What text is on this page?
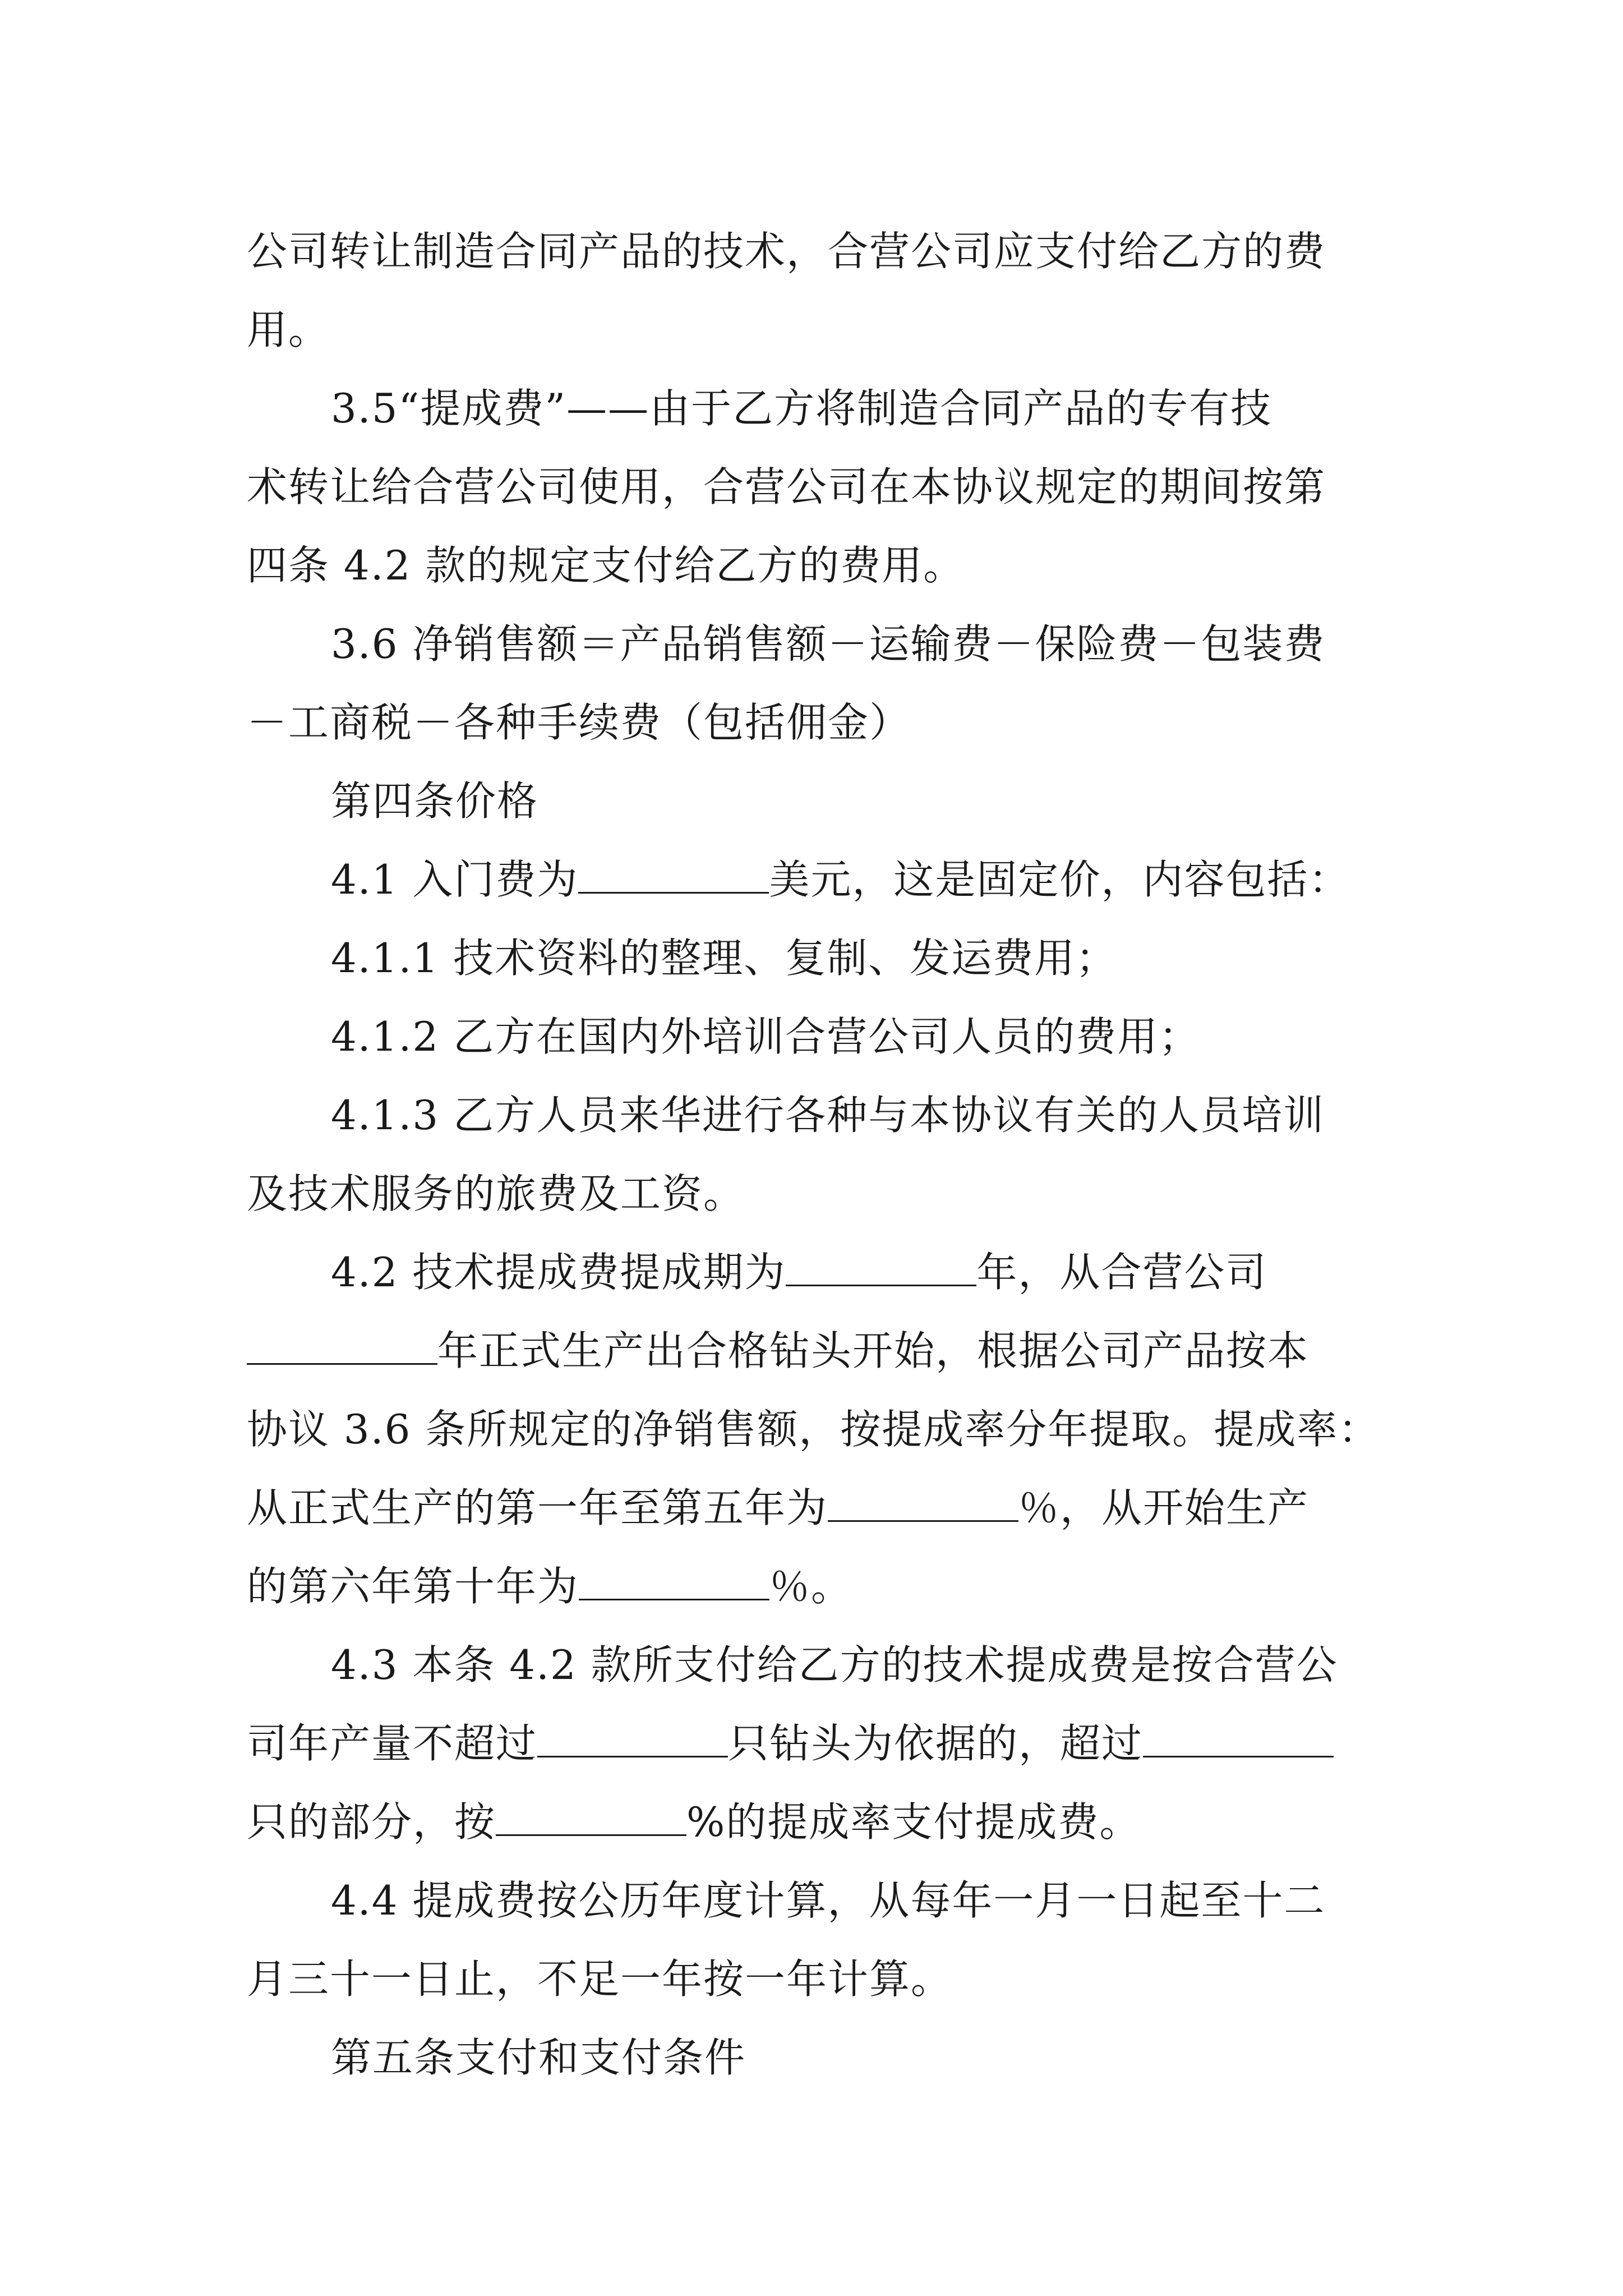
公司转让制造合同产品的技术，合营公司应支付给乙方的费
用。
3.5“提成费”——由于乙方将制造合同产品的专有技
术转让给合营公司使用，合营公司在本协议规定的期间按第
四条 4.2 款的规定支付给乙方的费用。
3.6 净销售额＝产品销售额－运输费－保险费－包装费
－工商税－各种手续费（包括佣金）
第四条价格
4.1 入门费为	美元，这是固定价，内容包括：
4.1.1 技术资料的整理、复制、发运费用；
4.1.2 乙方在国内外培训合营公司人员的费用；
4.1.3 乙方人员来华进行各种与本协议有关的人员培训
及技术服务的旅费及工资。
4.2 技术提成费提成期为	年，从合营公司
年正式生产出合格钻头开始，根据公司产品按本
协议 3.6 条所规定的净销售额，按提成率分年提取。提成率：
从正式生产的第一年至第五年为	％，从开始生产
的第六年第十年为	％。
4.3 本条 4.2 款所支付给乙方的技术提成费是按合营公
司年产量不超过	只钻头为依据的，超过
只的部分，按	%的提成率支付提成费。
4.4 提成费按公历年度计算，从每年一月一日起至十二
月三十一日止，不足一年按一年计算。
第五条支付和支付条件
